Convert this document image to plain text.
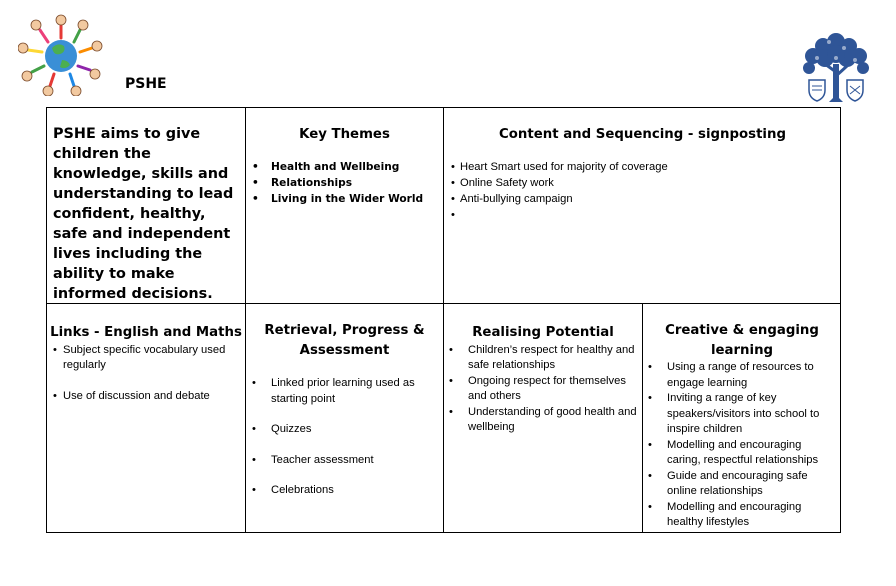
PSHE
PSHE aims to give children the knowledge, skills and understanding to lead confident, healthy, safe and independent lives including the ability to make informed decisions.
Key Themes
• Health and Wellbeing
• Relationships
• Living in the Wider World
Content and Sequencing - signposting
• Heart Smart used for majority of coverage
• Online Safety work
• Anti-bullying campaign
•
Links - English and Maths
• Subject specific vocabulary used regularly
• Use of discussion and debate
Retrieval, Progress &
Assessment
• Linked prior learning used as starting point
• Quizzes
• Teacher assessment
• Celebrations
Realising Potential
• Children’s respect for healthy and safe relationships
• Ongoing respect for themselves and others
• Understanding of good health and wellbeing
Creative & engaging
learning
• Using a range of resources to engage learning
• Inviting a range of key speakers/visitors into school to inspire children
• Modelling and encouraging caring, respectful relationships
• Guide and encouraging safe online relationships
• Modelling and encouraging healthy lifestyles
